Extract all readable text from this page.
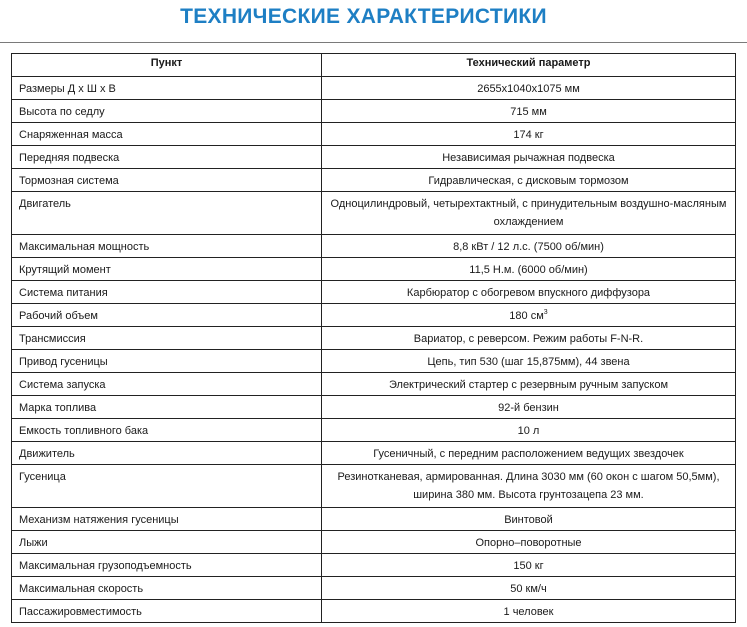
ТЕХНИЧЕСКИЕ ХАРАКТЕРИСТИКИ
Пункт	Технический параметр
Размеры Д х Ш х В	2655х1040х1075 мм
Высота по седлу	715 мм
Снаряженная масса	174 кг
Передняя подвеска	Независимая рычажная подвеска
Тормозная система	Гидравлическая, с дисковым тормозом
Двигатель	Одноцилиндровый, четырехтактный, с принудительным воздушно-масляным охлаждением
Максимальная мощность	8,8 кВт / 12 л.с. (7500 об/мин)
Крутящий момент	11,5 Н.м. (6000 об/мин)
Система питания	Карбюратор с обогревом впускного диффузора
Рабочий объем	180 $см^3$
Трансмиссия	Вариатор, с реверсом. Режим работы F-N-R.
Привод гусеницы	Цепь, тип 530 (шаг 15,875мм), 44 звена
Система запуска	Электрический стартер с резервным ручным запуском
Марка топлива	92-й бензин
Емкость топливного бака	10 л
Движитель	Гусеничный, с передним расположением ведущих звездочек
Гусеница	Резинотканевая, армированная. Длина 3030 мм (60 окон с шагом 50,5мм), ширина 380 мм. Высота грунтозацепа 23 мм.
Механизм натяжения гусеницы	Винтовой
Лыжи	Опорно–поворотные
Максимальная грузоподъемность	150 кг
Максимальная скорость	50 км/ч
Пассажировместимость	1 человек
